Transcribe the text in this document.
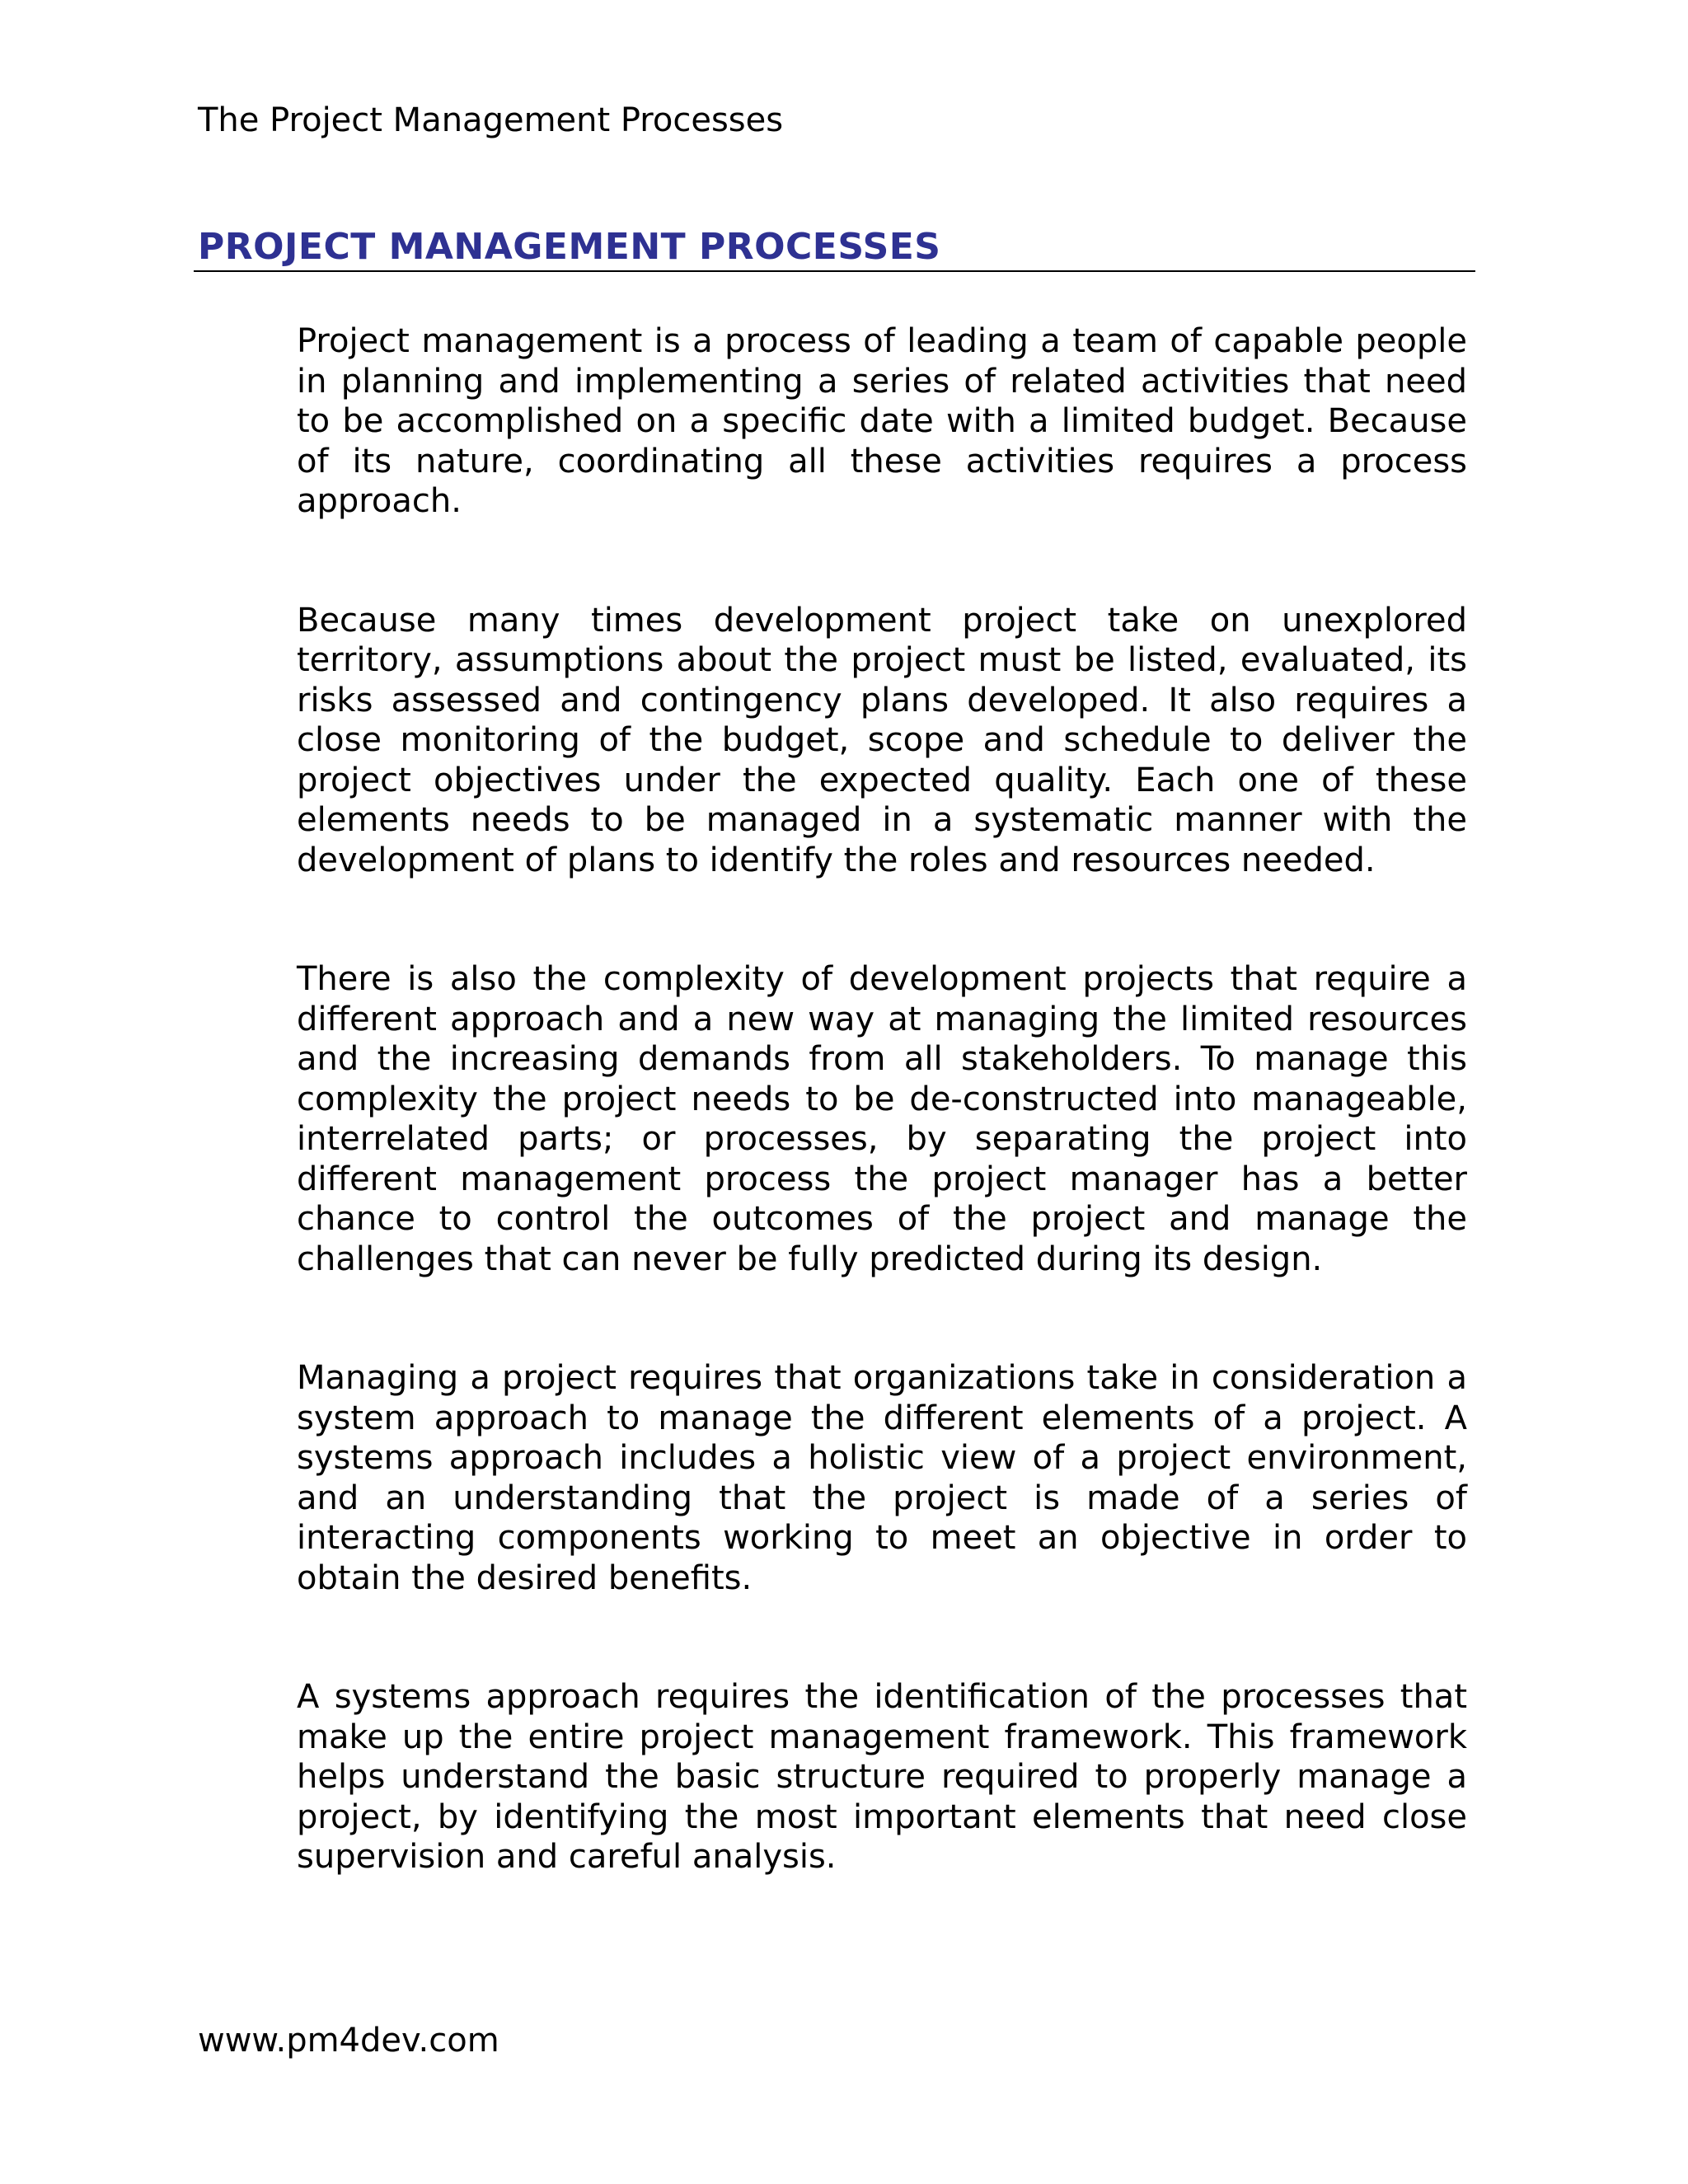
The Project Management Processes
PROJECT MANAGEMENT PROCESSES

Project management is a process of leading a team of capable people in planning and implementing a series of related activities that need to be accomplished on a specific date with a limited budget. Because of its nature, coordinating all these activities requires a process approach.

Because many times development project take on unexplored territory, assumptions about the project must be listed, evaluated, its risks assessed and contingency plans developed. It also requires a close monitoring of the budget, scope and schedule to deliver the project objectives under the expected quality. Each one of these elements needs to be managed in a systematic manner with the development of plans to identify the roles and resources needed.

There is also the complexity of development projects that require a different approach and a new way at managing the limited resources and the increasing demands from all stakeholders. To manage this complexity the project needs to be de-constructed into manageable, interrelated parts; or processes, by separating the project into different management process the project manager has a better chance to control the outcomes of the project and manage the challenges that can never be fully predicted during its design.

Managing a project requires that organizations take in consideration a system approach to manage the different elements of a project. A systems approach includes a holistic view of a project environment, and an understanding that the project is made of a series of interacting components working to meet an objective in order to obtain the desired benefits.

A systems approach requires the identification of the processes that make up the entire project management framework. This framework helps understand the basic structure required to properly manage a project, by identifying the most important elements that need close supervision and careful analysis.

www.pm4dev.com
